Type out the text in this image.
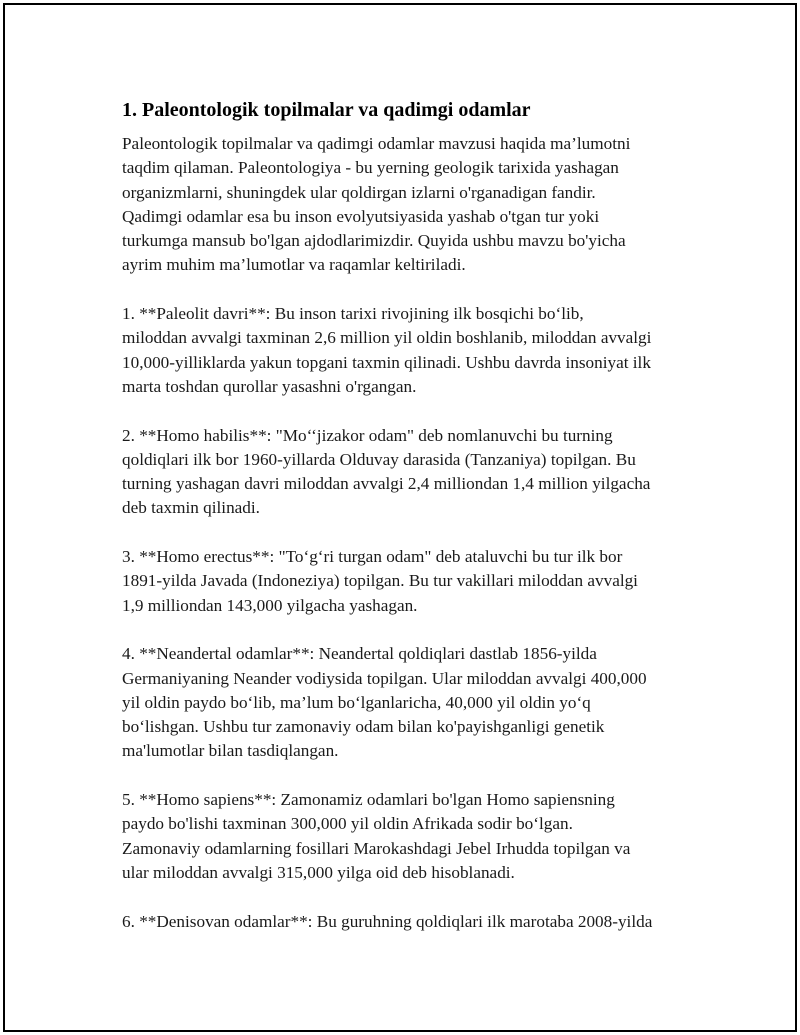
1. Paleontologik topilmalar va qadimgi odamlar

Paleontologik topilmalar va qadimgi odamlar mavzusi haqida ma’lumotni
taqdim qilaman. Paleontologiya - bu yerning geologik tarixida yashagan
organizmlarni, shuningdek ular qoldirgan izlarni o'rganadigan fandir.
Qadimgi odamlar esa bu inson evolyutsiyasida yashab o'tgan tur yoki
turkumga mansub bo'lgan ajdodlarimizdir. Quyida ushbu mavzu bo'yicha
ayrim muhim ma’lumotlar va raqamlar keltiriladi.

1. **Paleolit davri**: Bu inson tarixi rivojining ilk bosqichi bo‘lib,
miloddan avvalgi taxminan 2,6 million yil oldin boshlanib, miloddan avvalgi
10,000-yilliklarda yakun topgani taxmin qilinadi. Ushbu davrda insoniyat ilk
marta toshdan qurollar yasashni o'rgangan.

2. **Homo habilis**: "Mo‘‘jizakor odam" deb nomlanuvchi bu turning
qoldiqlari ilk bor 1960-yillarda Olduvay darasida (Tanzaniya) topilgan. Bu
turning yashagan davri miloddan avvalgi 2,4 milliondan 1,4 million yilgacha
deb taxmin qilinadi.

3. **Homo erectus**: "To‘g‘ri turgan odam" deb ataluvchi bu tur ilk bor
1891-yilda Javada (Indoneziya) topilgan. Bu tur vakillari miloddan avvalgi
1,9 milliondan 143,000 yilgacha yashagan.

4. **Neandertal odamlar**: Neandertal qoldiqlari dastlab 1856-yilda
Germaniyaning Neander vodiysida topilgan. Ular miloddan avvalgi 400,000
yil oldin paydo bo‘lib, ma’lum bo‘lganlaricha, 40,000 yil oldin yo‘q
bo‘lishgan. Ushbu tur zamonaviy odam bilan ko'payishganligi genetik
ma'lumotlar bilan tasdiqlangan.

5. **Homo sapiens**: Zamonamiz odamlari bo'lgan Homo sapiensning
paydo bo'lishi taxminan 300,000 yil oldin Afrikada sodir bo‘lgan.
Zamonaviy odamlarning fosillari Marokashdagi Jebel Irhudda topilgan va
ular miloddan avvalgi 315,000 yilga oid deb hisoblanadi.

6. **Denisovan odamlar**: Bu guruhning qoldiqlari ilk marotaba 2008-yilda
